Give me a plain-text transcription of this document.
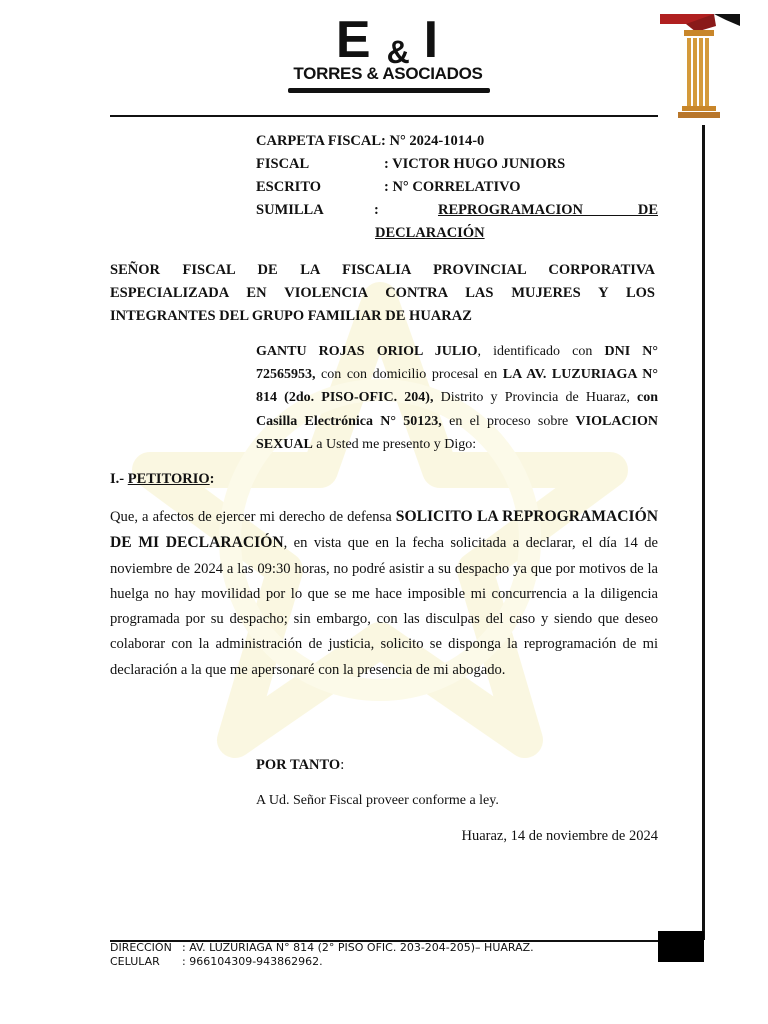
E & I
TORRES & ASOCIADOS
CARPETA FISCAL: N° 2024-1014-0
FISCAL	: VICTOR HUGO JUNIORS
ESCRITO	: N° CORRELATIVO
SUMILLA	:	REPROGRAMACION DE
DECLARACIÓN
SEÑOR FISCAL DE LA FISCALIA PROVINCIAL CORPORATIVA ESPECIALIZADA EN VIOLENCIA CONTRA LAS MUJERES Y LOS INTEGRANTES DEL GRUPO FAMILIAR DE HUARAZ
GANTU ROJAS ORIOL JULIO, identificado con DNI N° 72565953, con con domicilio procesal en LA AV. LUZURIAGA N° 814 (2do. PISO-OFIC. 204), Distrito y Provincia de Huaraz, con Casilla Electrónica N° 50123, en el proceso sobre VIOLACION SEXUAL a Usted me presento y Digo:
I.- PETITORIO:
Que, a afectos de ejercer mi derecho de defensa SOLICITO LA REPROGRAMACIÓN DE MI DECLARACIÓN, en vista que en la fecha solicitada a declarar, el día 14 de noviembre de 2024 a las 09:30 horas, no podré asistir a su despacho ya que por motivos de la huelga no hay movilidad por lo que se me hace imposible mi concurrencia a la diligencia programada por su despacho; sin embargo, con las disculpas del caso y siendo que deseo colaborar con la administración de justicia, solicito se disponga la reprogramación de mi declaración a la que me apersonaré con la presencia de mi abogado.
POR TANTO:
A Ud. Señor Fiscal proveer conforme a ley.
Huaraz, 14 de noviembre de 2024
DIRECCIÓN : AV. LUZURIAGA N° 814 (2° PISO OFIC. 203-204-205)– HUARAZ.
CELULAR : 966104309-943862962.
